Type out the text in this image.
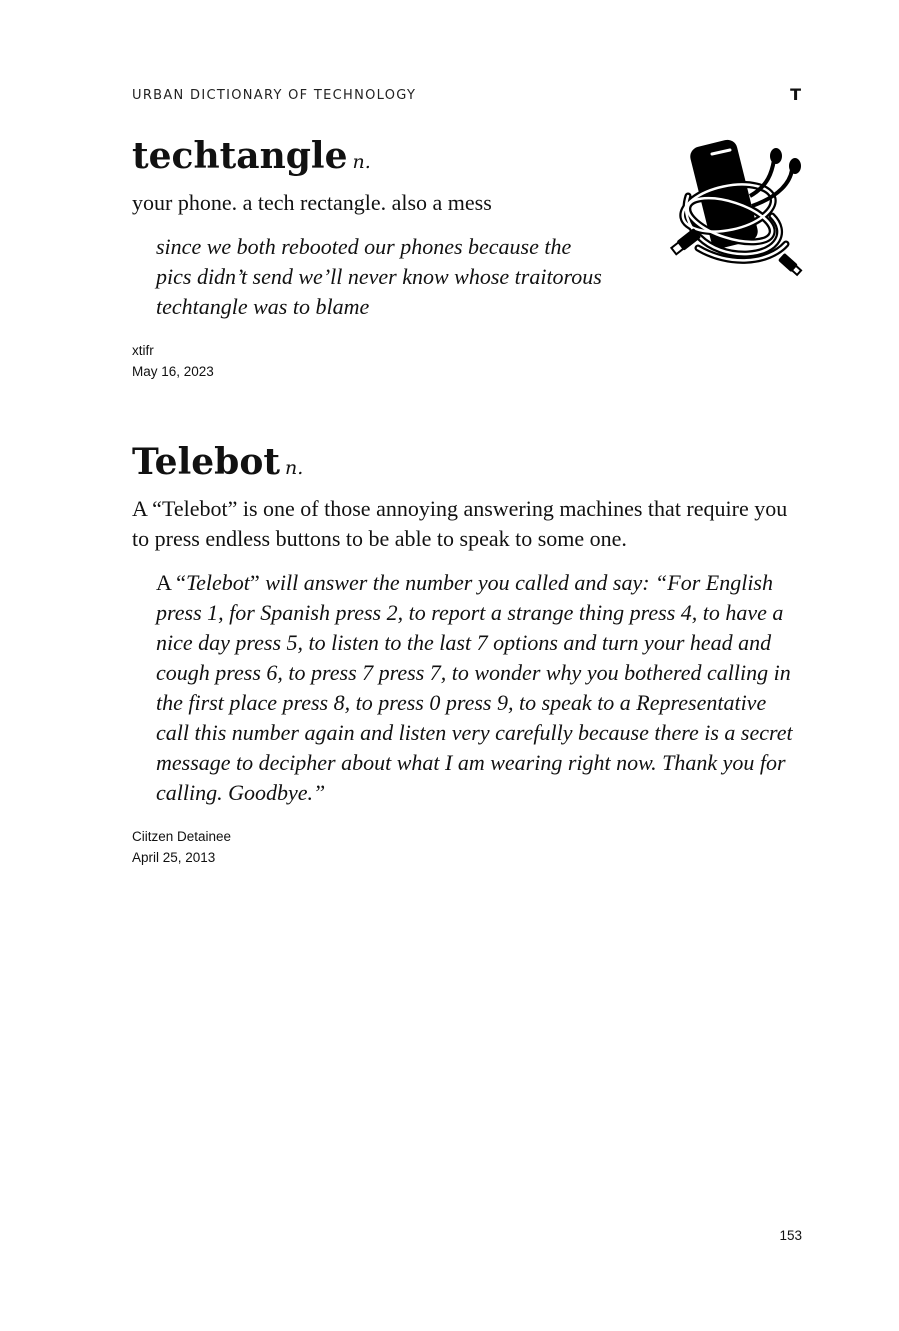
URBAN DICTIONARY OF TECHNOLOGY	T

techtangle n.

your phone. a tech rectangle. also a mess

since we both rebooted our phones because the pics didn’t send we’ll never know whose traitorous techtangle was to blame

xtifr
May 16, 2023

Telebot n.

A “Telebot” is one of those annoying answering machines that require you to press endless buttons to be able to speak to some one.

A “Telebot” will answer the number you called and say: “For English press 1, for Spanish press 2, to report a strange thing press 4, to have a nice day press 5, to listen to the last 7 options and turn your head and cough press 6, to press 7 press 7, to wonder why you bothered calling in the first place press 8, to press 0 press 9, to speak to a Representative call this number again and listen very carefully because there is a secret message to decipher about what I am wearing right now. Thank you for calling. Goodbye.”

Ciitzen Detainee
April 25, 2013
153
